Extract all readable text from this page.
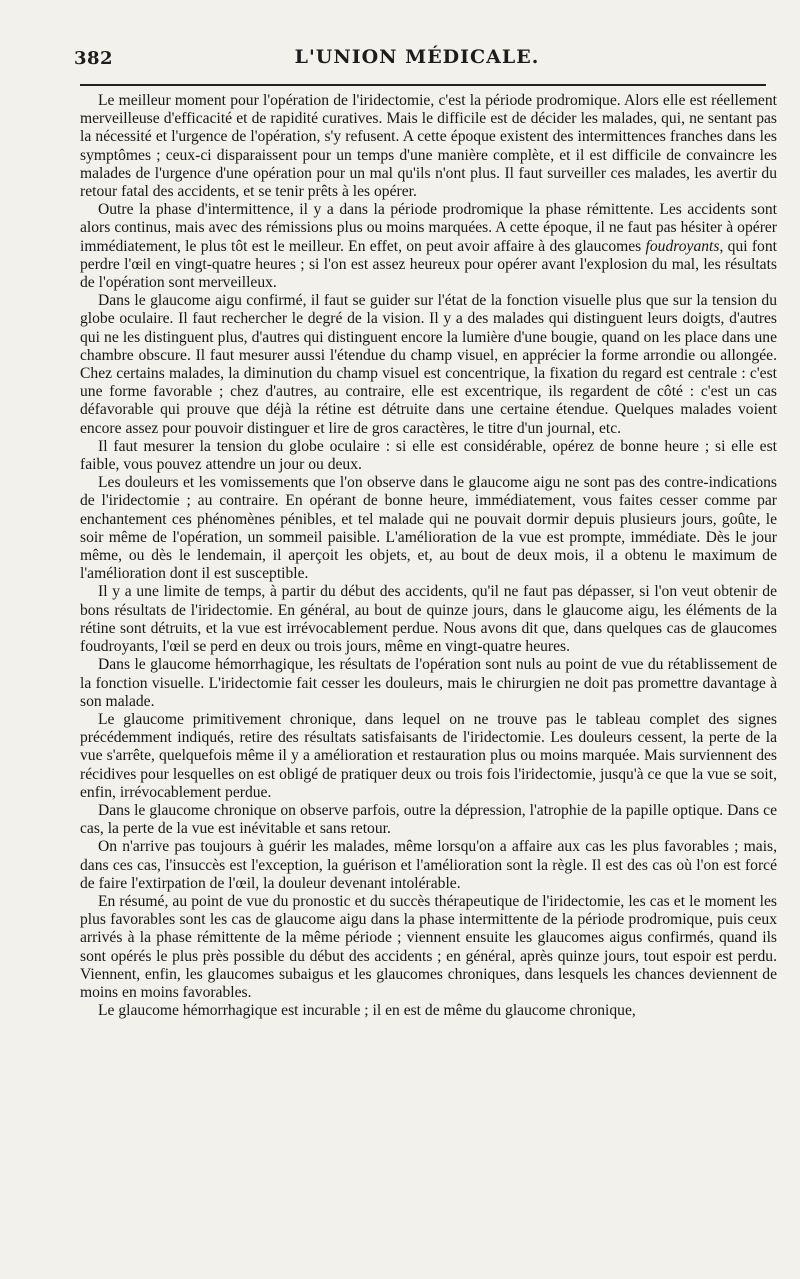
382	L'UNION MÉDICALE.

Le meilleur moment pour l'opération de l'iridectomie, c'est la période prodromique. Alors elle est réellement merveilleuse d'efficacité et de rapidité curatives. Mais le difficile est de décider les malades, qui, ne sentant pas la nécessité et l'urgence de l'opération, s'y refusent. A cette époque existent des intermittences franches dans les symptômes ; ceux-ci disparaissent pour un temps d'une manière complète, et il est difficile de convaincre les malades de l'urgence d'une opération pour un mal qu'ils n'ont plus. Il faut surveiller ces malades, les avertir du retour fatal des accidents, et se tenir prêts à les opérer.

Outre la phase d'intermittence, il y a dans la période prodromique la phase rémittente. Les accidents sont alors continus, mais avec des rémissions plus ou moins marquées. A cette époque, il ne faut pas hésiter à opérer immédiatement, le plus tôt est le meilleur. En effet, on peut avoir affaire à des glaucomes foudroyants, qui font perdre l'œil en vingt-quatre heures ; si l'on est assez heureux pour opérer avant l'explosion du mal, les résultats de l'opération sont merveilleux.

Dans le glaucome aigu confirmé, il faut se guider sur l'état de la fonction visuelle plus que sur la tension du globe oculaire. Il faut rechercher le degré de la vision. Il y a des malades qui distinguent leurs doigts, d'autres qui ne les distinguent plus, d'autres qui distinguent encore la lumière d'une bougie, quand on les place dans une chambre obscure. Il faut mesurer aussi l'étendue du champ visuel, en apprécier la forme arrondie ou allongée. Chez certains malades, la diminution du champ visuel est concentrique, la fixation du regard est centrale : c'est une forme favorable ; chez d'autres, au contraire, elle est excentrique, ils regardent de côté : c'est un cas défavorable qui prouve que déjà la rétine est détruite dans une certaine étendue. Quelques malades voient encore assez pour pouvoir distinguer et lire de gros caractères, le titre d'un journal, etc.

Il faut mesurer la tension du globe oculaire : si elle est considérable, opérez de bonne heure ; si elle est faible, vous pouvez attendre un jour ou deux.

Les douleurs et les vomissements que l'on observe dans le glaucome aigu ne sont pas des contre-indications de l'iridectomie ; au contraire. En opérant de bonne heure, immédiatement, vous faites cesser comme par enchantement ces phénomènes pénibles, et tel malade qui ne pouvait dormir depuis plusieurs jours, goûte, le soir même de l'opération, un sommeil paisible. L'amélioration de la vue est prompte, immédiate. Dès le jour même, ou dès le lendemain, il aperçoit les objets, et, au bout de deux mois, il a obtenu le maximum de l'amélioration dont il est susceptible.

Il y a une limite de temps, à partir du début des accidents, qu'il ne faut pas dépasser, si l'on veut obtenir de bons résultats de l'iridectomie. En général, au bout de quinze jours, dans le glaucome aigu, les éléments de la rétine sont détruits, et la vue est irrévocablement perdue. Nous avons dit que, dans quelques cas de glaucomes foudroyants, l'œil se perd en deux ou trois jours, même en vingt-quatre heures.

Dans le glaucome hémorrhagique, les résultats de l'opération sont nuls au point de vue du rétablissement de la fonction visuelle. L'iridectomie fait cesser les douleurs, mais le chirurgien ne doit pas promettre davantage à son malade.

Le glaucome primitivement chronique, dans lequel on ne trouve pas le tableau complet des signes précédemment indiqués, retire des résultats satisfaisants de l'iridectomie. Les douleurs cessent, la perte de la vue s'arrête, quelquefois même il y a amélioration et restauration plus ou moins marquée. Mais surviennent des récidives pour lesquelles on est obligé de pratiquer deux ou trois fois l'iridectomie, jusqu'à ce que la vue se soit, enfin, irrévocablement perdue.

Dans le glaucome chronique on observe parfois, outre la dépression, l'atrophie de la papille optique. Dans ce cas, la perte de la vue est inévitable et sans retour.

On n'arrive pas toujours à guérir les malades, même lorsqu'on a affaire aux cas les plus favorables ; mais, dans ces cas, l'insuccès est l'exception, la guérison et l'amélioration sont la règle. Il est des cas où l'on est forcé de faire l'extirpation de l'œil, la douleur devenant intolérable.

En résumé, au point de vue du pronostic et du succès thérapeutique de l'iridectomie, les cas et le moment les plus favorables sont les cas de glaucome aigu dans la phase intermittente de la période prodromique, puis ceux arrivés à la phase rémittente de la même période ; viennent ensuite les glaucomes aigus confirmés, quand ils sont opérés le plus près possible du début des accidents ; en général, après quinze jours, tout espoir est perdu. Viennent, enfin, les glaucomes subaigus et les glaucomes chroniques, dans lesquels les chances deviennent de moins en moins favorables.

Le glaucome hémorrhagique est incurable ; il en est de même du glaucome chronique,
